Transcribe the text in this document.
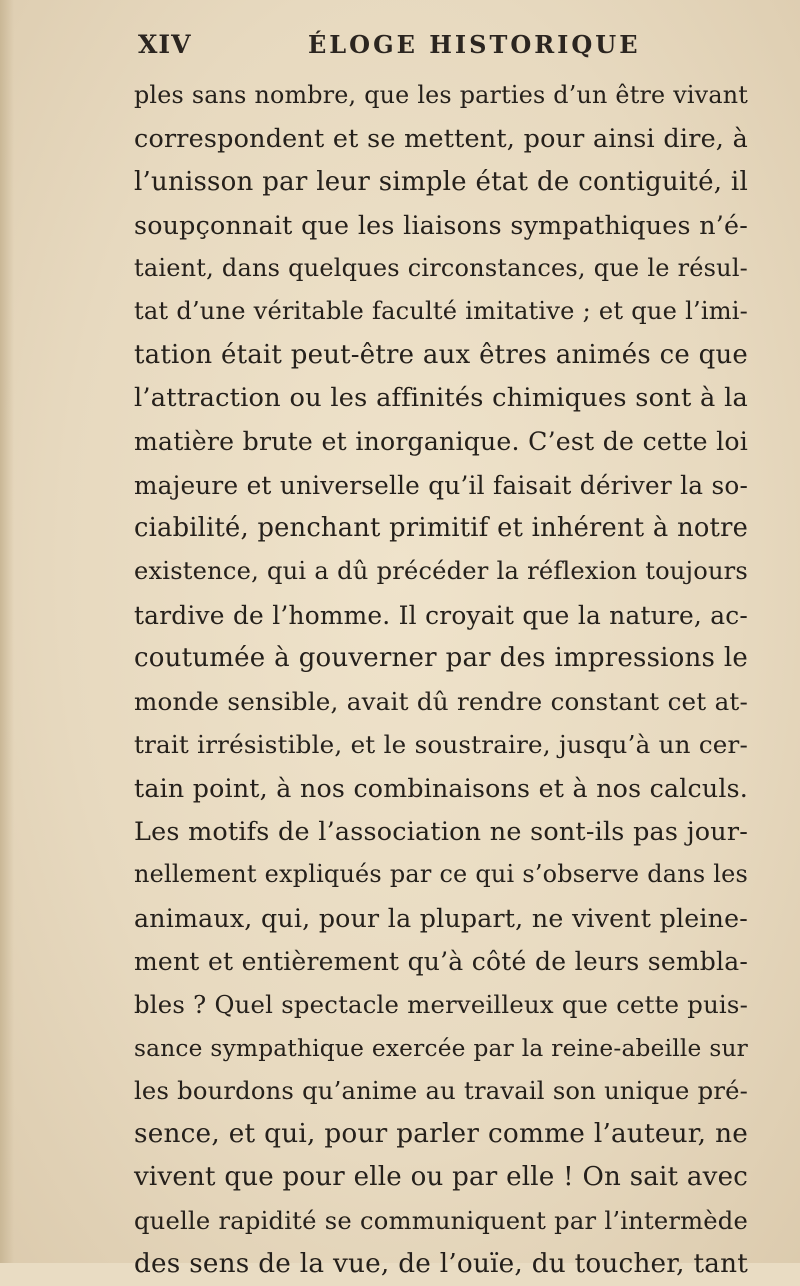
XIV	ÉLOGE HISTORIQUE
ples sans nombre, que les parties d’un être vivant
correspondent et se mettent, pour ainsi dire, à
l’unisson par leur simple état de contiguité, il
soupçonnait que les liaisons sympathiques n’é-
taient, dans quelques circonstances, que le résul-
tat d’une véritable faculté imitative ; et que l’imi-
tation était peut-être aux êtres animés ce que
l’attraction ou les affinités chimiques sont à la
matière brute et inorganique. C’est de cette loi
majeure et universelle qu’il faisait dériver la so-
ciabilité, penchant primitif et inhérent à notre
existence, qui a dû précéder la réflexion toujours
tardive de l’homme. Il croyait que la nature, ac-
coutumée à gouverner par des impressions le
monde sensible, avait dû rendre constant cet at-
trait irrésistible, et le soustraire, jusqu’à un cer-
tain point, à nos combinaisons et à nos calculs.
Les motifs de l’association ne sont-ils pas jour-
nellement expliqués par ce qui s’observe dans les
animaux, qui, pour la plupart, ne vivent pleine-
ment et entièrement qu’à côté de leurs sembla-
bles ? Quel spectacle merveilleux que cette puis-
sance sympathique exercée par la reine-abeille sur
les bourdons qu’anime au travail son unique pré-
sence, et qui, pour parler comme l’auteur, ne
vivent que pour elle ou par elle ! On sait avec
quelle rapidité se communiquent par l’intermède
des sens de la vue, de l’ouïe, du toucher, tant
